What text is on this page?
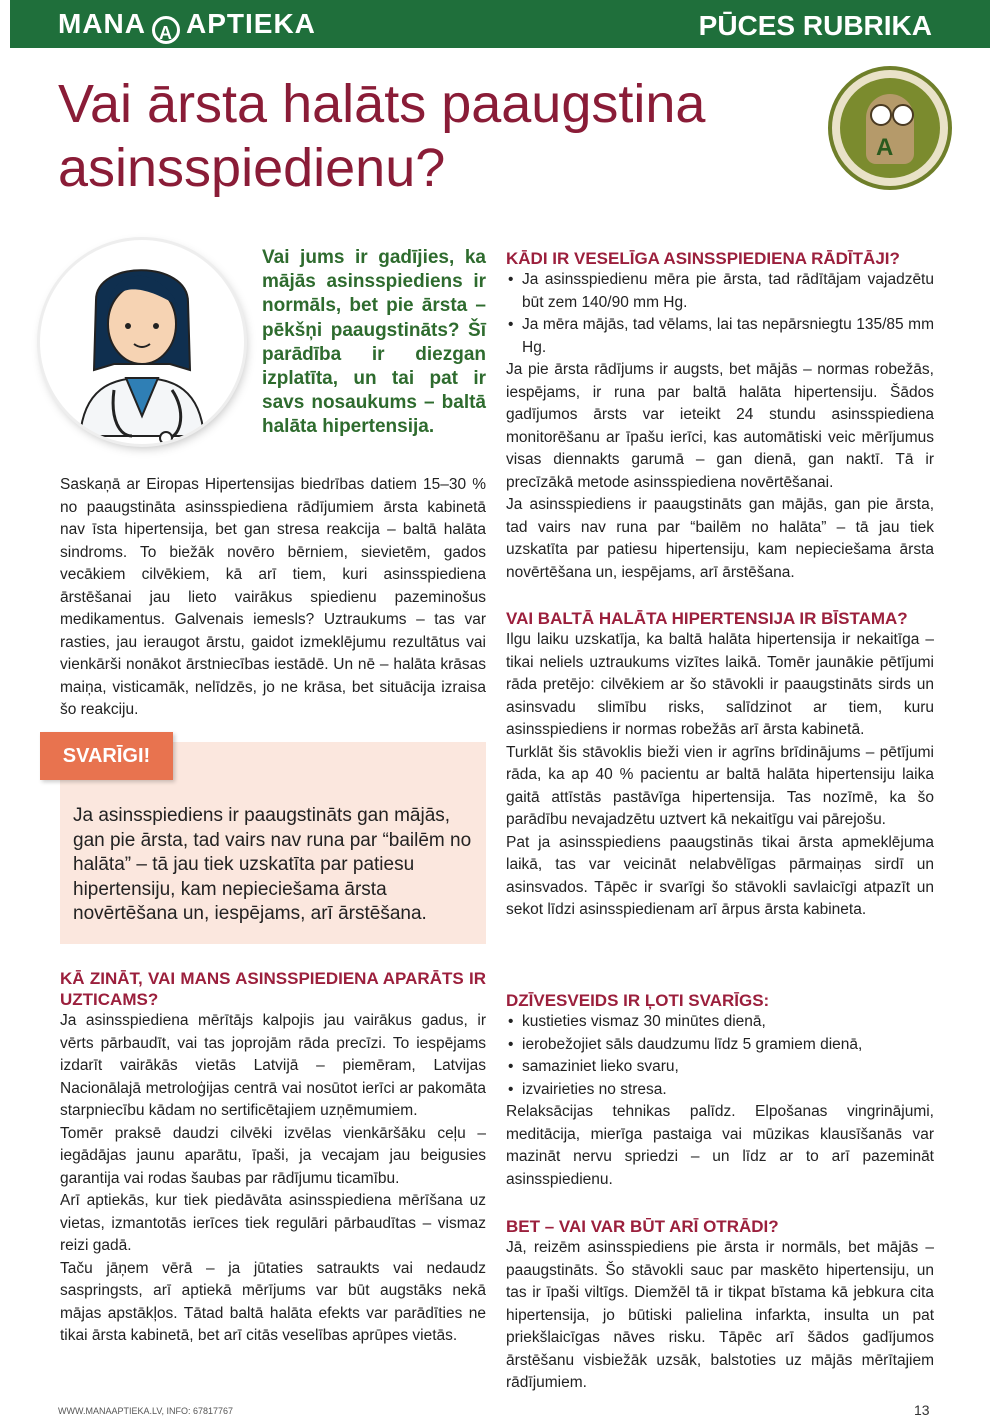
MANA A APTIEKA	PŪCES RUBRIKA
Vai ārsta halāts paaugstina asinsspiedienu?	A
Vai jums ir gadījies, ka mājās asinsspiediens ir normāls, bet pie ārsta – pēkšņi paaugstināts? Šī parādība ir diezgan izplatīta, un tai pat ir savs nosaukums – baltā halāta hipertensija.

Saskaņā ar Eiropas Hipertensijas biedrības datiem 15–30 % no paaugstināta asinsspiediena rādījumiem ārsta kabinetā nav īsta hipertensija, bet gan stresa reakcija – baltā halāta sindroms. To biežāk novēro bērniem, sievietēm, gados vecākiem cilvēkiem, kā arī tiem, kuri asinsspiediena ārstēšanai jau lieto vairākus spiedienu pazeminošus medikamentus. Galvenais iemesls? Uztraukums – tas var rasties, jau ieraugot ārstu, gaidot izmeklējumu rezultātus vai vienkārši nonākot ārstniecības iestādē. Un nē – halāta krāsas maiņa, visticamāk, nelīdzēs, jo ne krāsa, bet situācija izraisa šo reakciju.

SVARĪGI!
Ja asinsspiediens ir paaugstināts gan mājās, gan pie ārsta, tad vairs nav runa par “bailēm no halāta” – tā jau tiek uzskatīta par patiesu hipertensiju, kam nepieciešama ārsta novērtēšana un, iespējams, arī ārstēšana.
KĀ ZINĀT, VAI MANS ASINSSPIEDIENA APARĀTS IR UZTICAMS?

Ja asinsspiediena mērītājs kalpojis jau vairākus gadus, ir vērts pārbaudīt, vai tas joprojām rāda precīzi. To iespējams izdarīt vairākās vietās Latvijā – piemēram, Latvijas Nacionālajā metroloģijas centrā vai nosūtot ierīci ar pakomāta starpniecību kādam no sertificētajiem uzņēmumiem.

Tomēr praksē daudzi cilvēki izvēlas vienkāršāku ceļu – iegādājas jaunu aparātu, īpaši, ja vecajam jau beigusies garantija vai rodas šaubas par rādījumu ticamību.

Arī aptiekās, kur tiek piedāvāta asinsspiediena mērīšana uz vietas, izmantotās ierīces tiek regulāri pārbaudītas – vismaz reizi gadā.

Taču jāņem vērā – ja jūtaties satraukts vai nedaudz saspringsts, arī aptiekā mērījums var būt augstāks nekā mājas apstākļos. Tātad baltā halāta efekts var parādīties ne tikai ārsta kabinetā, bet arī citās veselības aprūpes vietās.

KĀDI IR VESELĪGA ASINSSPIEDIENA RĀDĪTĀJI?
• Ja asinsspiedienu mēra pie ārsta, tad rādītājam vajadzētu būt zem 140/90 mm Hg.
• Ja mēra mājās, tad vēlams, lai tas nepārsniegtu 135/85 mm Hg.

Ja pie ārsta rādījums ir augsts, bet mājās – normas robežās, iespējams, ir runa par baltā halāta hipertensiju. Šādos gadījumos ārsts var ieteikt 24 stundu asinsspiediena monitorēšanu ar īpašu ierīci, kas automātiski veic mērījumus visas diennakts garumā – gan dienā, gan naktī. Tā ir precīzākā metode asinsspiediena novērtēšanai.

Ja asinsspiediens ir paaugstināts gan mājās, gan pie ārsta, tad vairs nav runa par “bailēm no halāta” – tā jau tiek uzskatīta par patiesu hipertensiju, kam nepieciešama ārsta novērtēšana un, iespējams, arī ārstēšana.

VAI BALTĀ HALĀTA HIPERTENSIJA IR BĪSTAMA?

Ilgu laiku uzskatīja, ka baltā halāta hipertensija ir nekaitīga – tikai neliels uztraukums vizītes laikā. Tomēr jaunākie pētījumi rāda pretējo: cilvēkiem ar šo stāvokli ir paaugstināts sirds un asinsvadu slimību risks, salīdzinot ar tiem, kuru asinsspiediens ir normas robežās arī ārsta kabinetā.

Turklāt šis stāvoklis bieži vien ir agrīns brīdinājums – pētījumi rāda, ka ap 40 % pacientu ar baltā halāta hipertensiju laika gaitā attīstās pastāvīga hipertensija. Tas nozīmē, ka šo parādību nevajadzētu uztvert kā nekaitīgu vai pārejošu.

Pat ja asinsspiediens paaugstinās tikai ārsta apmeklējuma laikā, tas var veicināt nelabvēlīgas pārmaiņas sirdī un asinsvados. Tāpēc ir svarīgi šo stāvokli savlaicīgi atpazīt un sekot līdzi asinsspiedienam arī ārpus ārsta kabineta.

DZĪVESVEIDS IR ĻOTI SVARĪGS:
• kustieties vismaz 30 minūtes dienā,
• ierobežojiet sāls daudzumu līdz 5 gramiem dienā,
• samaziniet lieko svaru,
• izvairieties no stresa.

Relaksācijas tehnikas palīdz. Elpošanas vingrinājumi, meditācija, mierīga pastaiga vai mūzikas klausīšanās var mazināt nervu spriedzi – un līdz ar to arī pazemināt asinsspiedienu.

BET – VAI VAR BŪT ARĪ OTRĀDI?

Jā, reizēm asinsspiediens pie ārsta ir normāls, bet mājās – paaugstināts. Šo stāvokli sauc par maskēto hipertensiju, un tas ir īpaši viltīgs. Diemžēl tā ir tikpat bīstama kā jebkura cita hipertensija, jo būtiski palielina infarkta, insulta un pat priekšlaicīgas nāves risku. Tāpēc arī šādos gadījumos ārstēšanu visbiežāk uzsāk, balstoties uz mājās mērītajiem rādījumiem.

WWW.MANAAPTIEKA.LV, INFO: 67817767	13
